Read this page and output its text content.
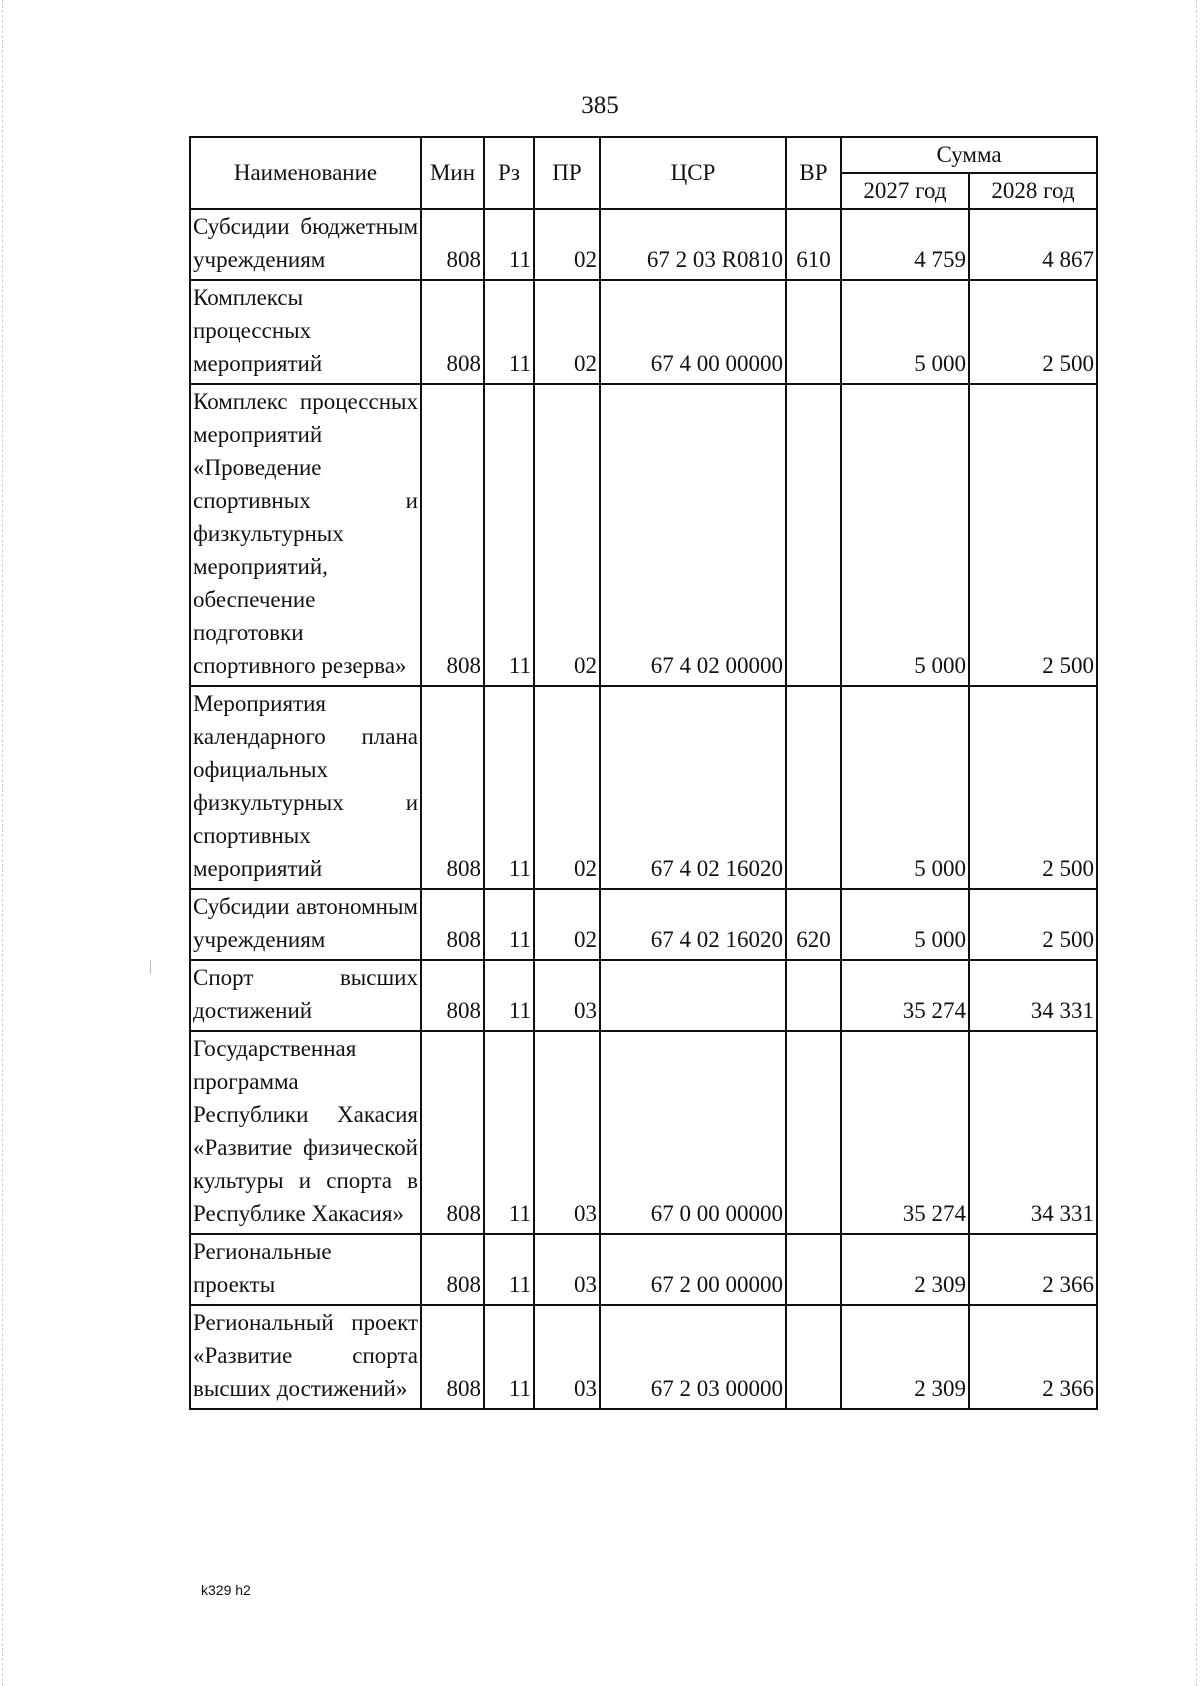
385
Наименование	Мин	Рз	ПР	ЦСР	ВР	Сумма	
						2027 год	2028 год
Субсидии бюджетным учреждениям	808	11	02	67 2 03 R0810	610	4 759	4 867
Комплексы процессных мероприятий	808	11	02	67 4 00 00000		5 000	2 500
Комплекс процессных мероприятий «Проведение спортивных и физкультурных мероприятий, обеспечение подготовки спортивного резерва»	808	11	02	67 4 02 00000		5 000	2 500
Мероприятия календарного плана официальных физкультурных и спортивных мероприятий	808	11	02	67 4 02 16020		5 000	2 500
Субсидии автономным учреждениям	808	11	02	67 4 02 16020	620	5 000	2 500
Спорт высших достижений	808	11	03			35 274	34 331
Государственная программа Республики Хакасия «Развитие физической культуры и спорта в Республике Хакасия»	808	11	03	67 0 00 00000		35 274	34 331
Региональные проекты	808	11	03	67 2 00 00000		2 309	2 366
Региональный проект «Развитие спорта высших достижений»	808	11	03	67 2 03 00000		2 309	2 366
k329 h2
